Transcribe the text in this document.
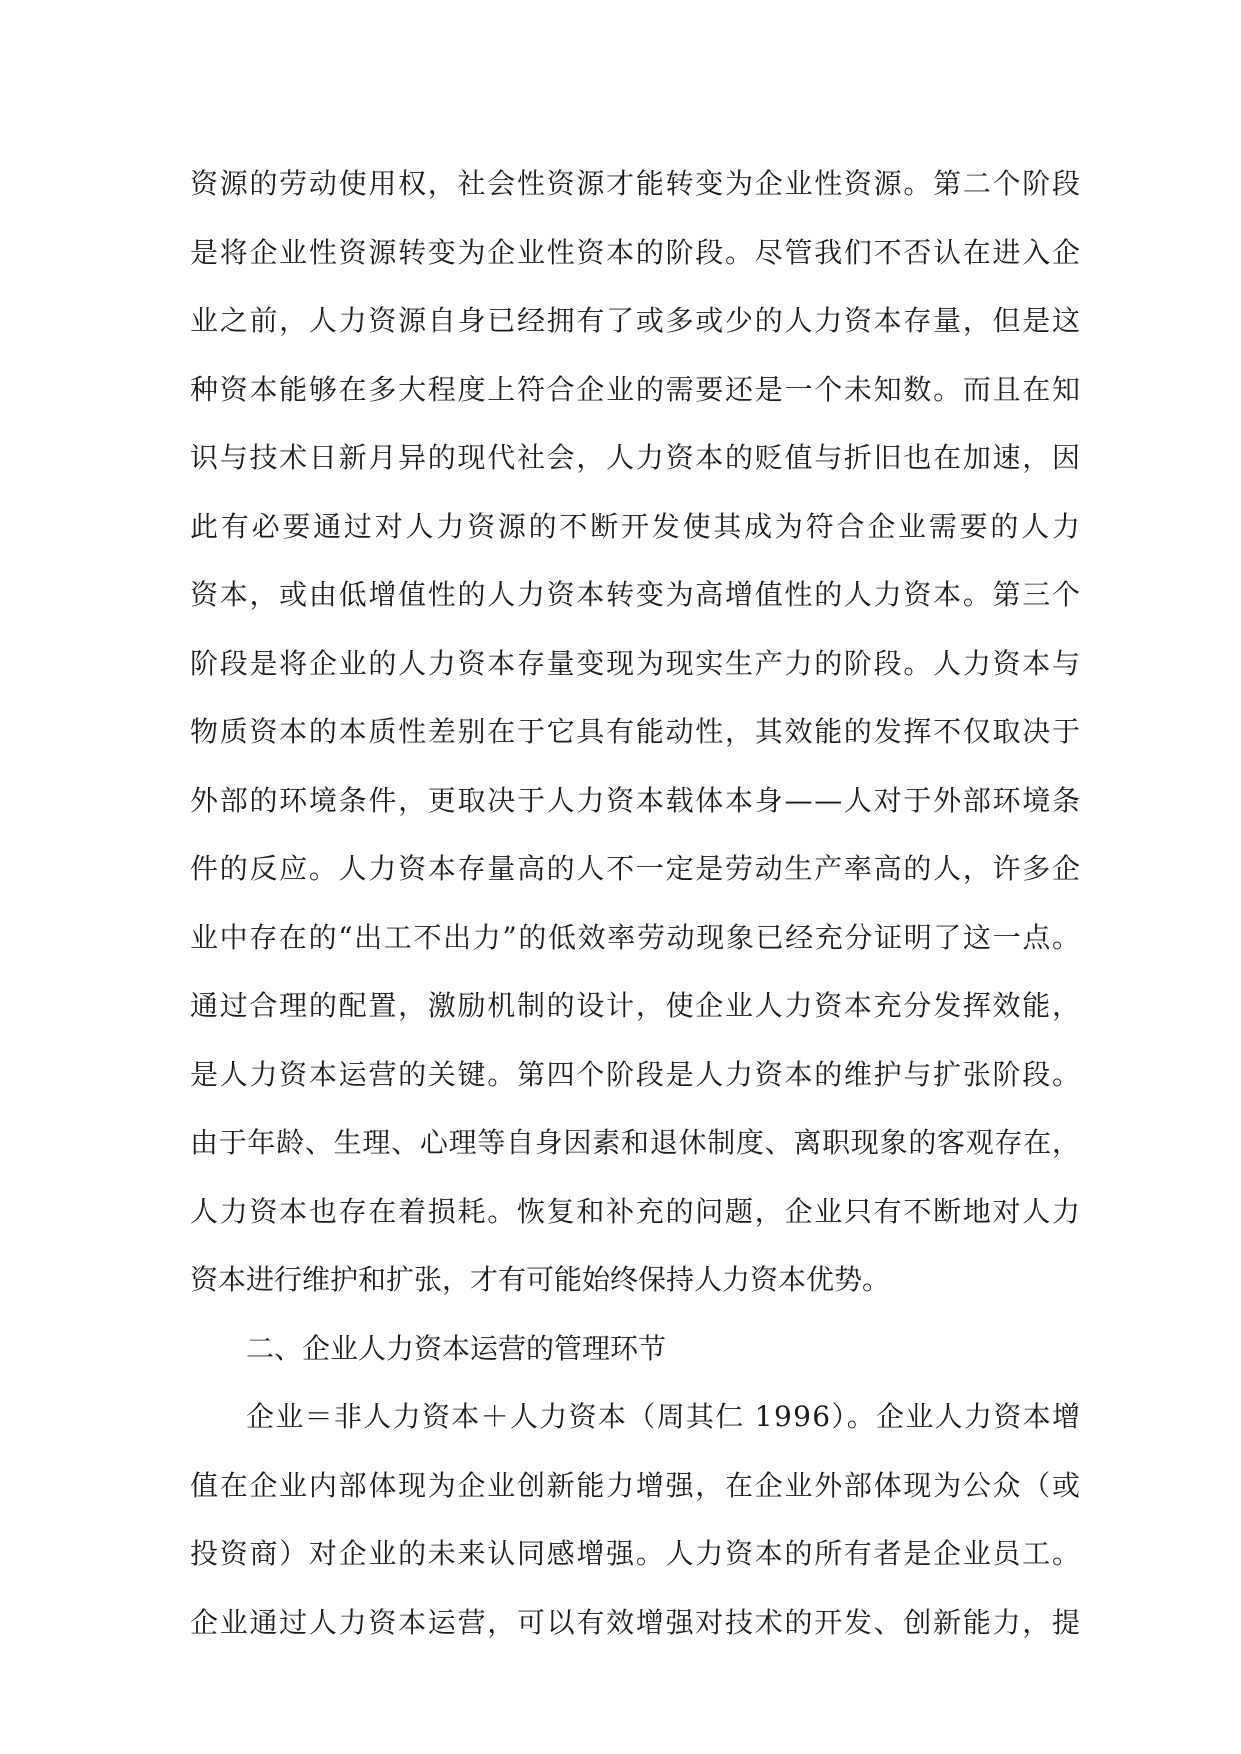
资源的劳动使用权，社会性资源才能转变为企业性资源。第二个阶段
是将企业性资源转变为企业性资本的阶段。尽管我们不否认在进入企
业之前，人力资源自身已经拥有了或多或少的人力资本存量，但是这
种资本能够在多大程度上符合企业的需要还是一个未知数。而且在知
识与技术日新月异的现代社会，人力资本的贬值与折旧也在加速，因
此有必要通过对人力资源的不断开发使其成为符合企业需要的人力
资本，或由低增值性的人力资本转变为高增值性的人力资本。第三个
阶段是将企业的人力资本存量变现为现实生产力的阶段。人力资本与
物质资本的本质性差别在于它具有能动性，其效能的发挥不仅取决于
外部的环境条件，更取决于人力资本载体本身——人对于外部环境条
件的反应。人力资本存量高的人不一定是劳动生产率高的人，许多企
业中存在的“出工不出力”的低效率劳动现象已经充分证明了这一点。
通过合理的配置，激励机制的设计，使企业人力资本充分发挥效能，
是人力资本运营的关键。第四个阶段是人力资本的维护与扩张阶段。
由于年龄、生理、心理等自身因素和退休制度、离职现象的客观存在，
人力资本也存在着损耗。恢复和补充的问题，企业只有不断地对人力
资本进行维护和扩张，才有可能始终保持人力资本优势。
二、企业人力资本运营的管理环节
企业＝非人力资本＋人力资本（周其仁 1996）。企业人力资本增
值在企业内部体现为企业创新能力增强，在企业外部体现为公众（或
投资商）对企业的未来认同感增强。人力资本的所有者是企业员工。
企业通过人力资本运营，可以有效增强对技术的开发、创新能力，提
